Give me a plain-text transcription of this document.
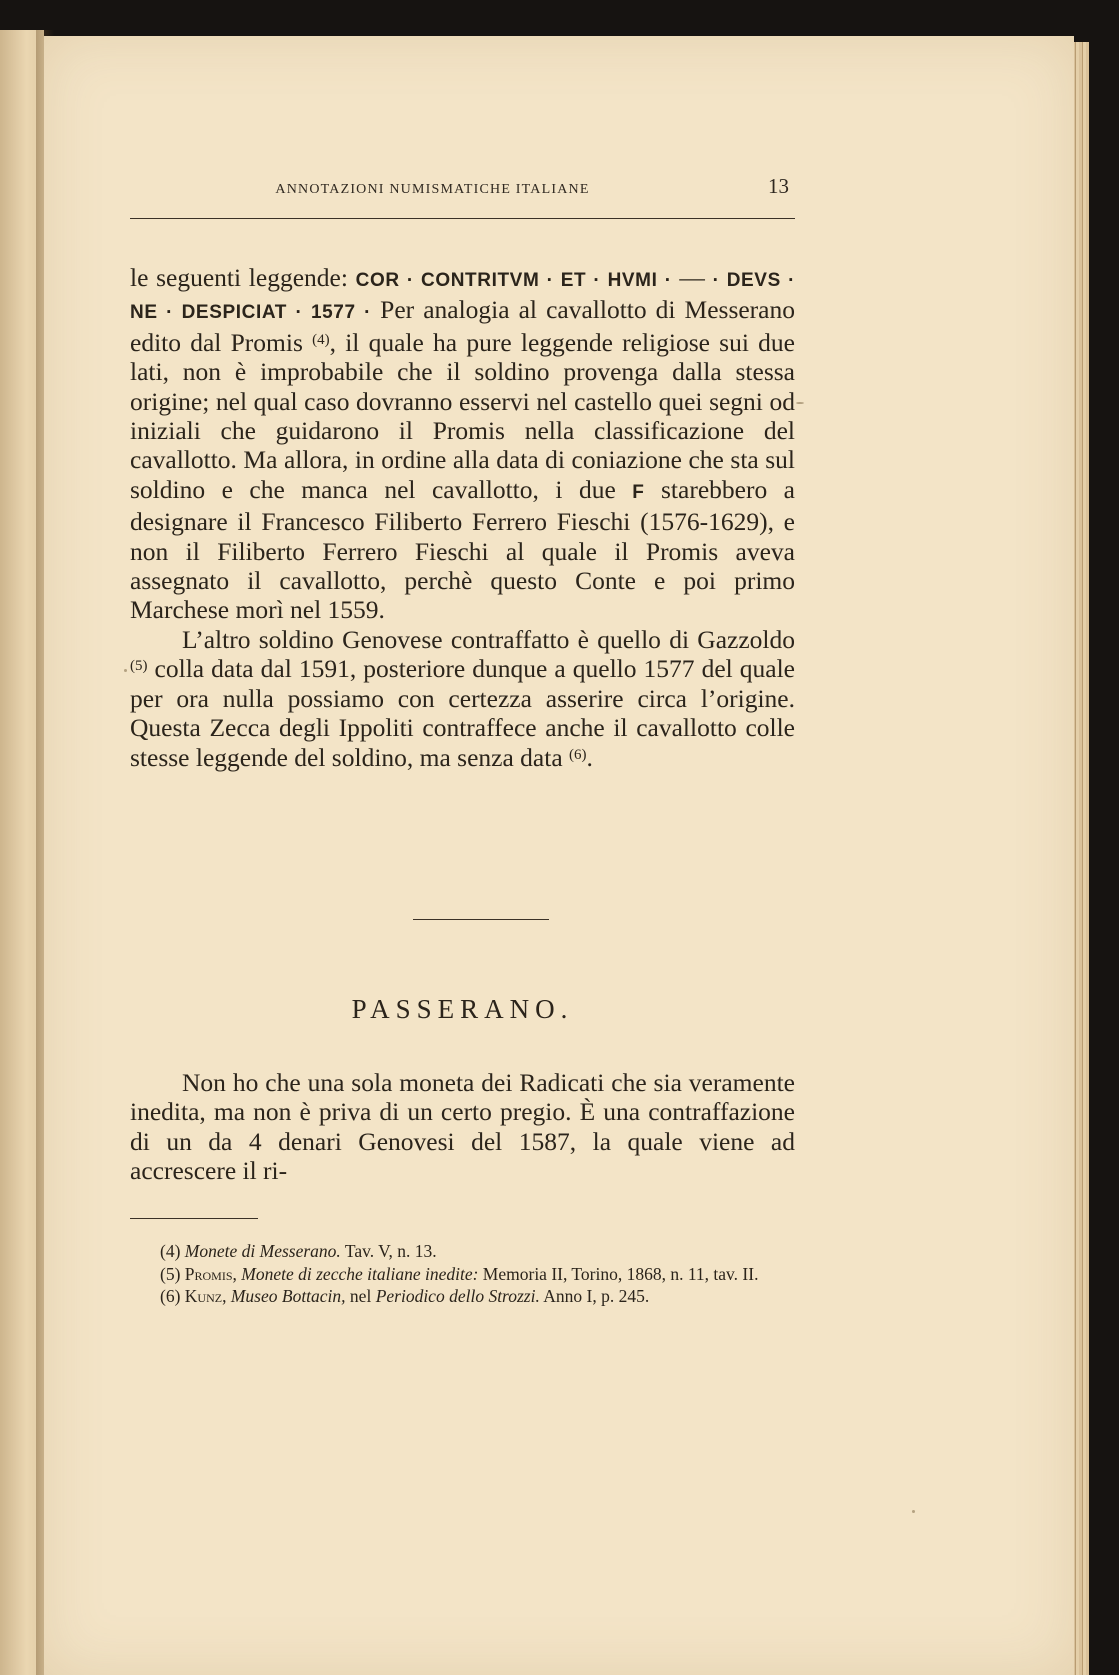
ANNOTAZIONI NUMISMATICHE ITALIANE	13

le seguenti leggende: COR · CONTRITVM · ET · HVMI · — · DEVS · NE · DESPICIAT · 1577 · Per analogia al cavallotto di Messerano edito dal Promis $^{(4)}$, il quale ha pure leggende religiose sui due lati, non è improbabile che il soldino provenga dalla stessa origine; nel qual caso dovranno esservi nel castello quei segni od iniziali che guidarono il Promis nella classificazione del cavallotto. Ma allora, in ordine alla data di coniazione che sta sul soldino e che manca nel cavallotto, i due F starebbero a designare il Francesco Filiberto Ferrero Fieschi (1576-1629), e non il Filiberto Ferrero Fieschi al quale il Promis aveva assegnato il cavallotto, perchè questo Conte e poi primo Marchese morì nel 1559.

L’altro soldino Genovese contraffatto è quello di Gazzoldo $^{(5)}$ colla data dal 1591, posteriore dunque a quello 1577 del quale per ora nulla possiamo con certezza asserire circa l’origine. Questa Zecca degli Ippoliti contraffece anche il cavallotto colle stesse leggende del soldino, ma senza data $^{(6)}$.

PASSERANO.

Non ho che una sola moneta dei Radicati che sia veramente inedita, ma non è priva di un certo pregio. È una contraffazione di un da 4 denari Genovesi del 1587, la quale viene ad accrescere il ri-

(4) Monete di Messerano. Tav. V, n. 13.

(5) Promis, Monete di zecche italiane inedite: Memoria II, Torino, 1868, n. 11, tav. II.

(6) Kunz, Museo Bottacin, nel Periodico dello Strozzi. Anno I, p. 245.
